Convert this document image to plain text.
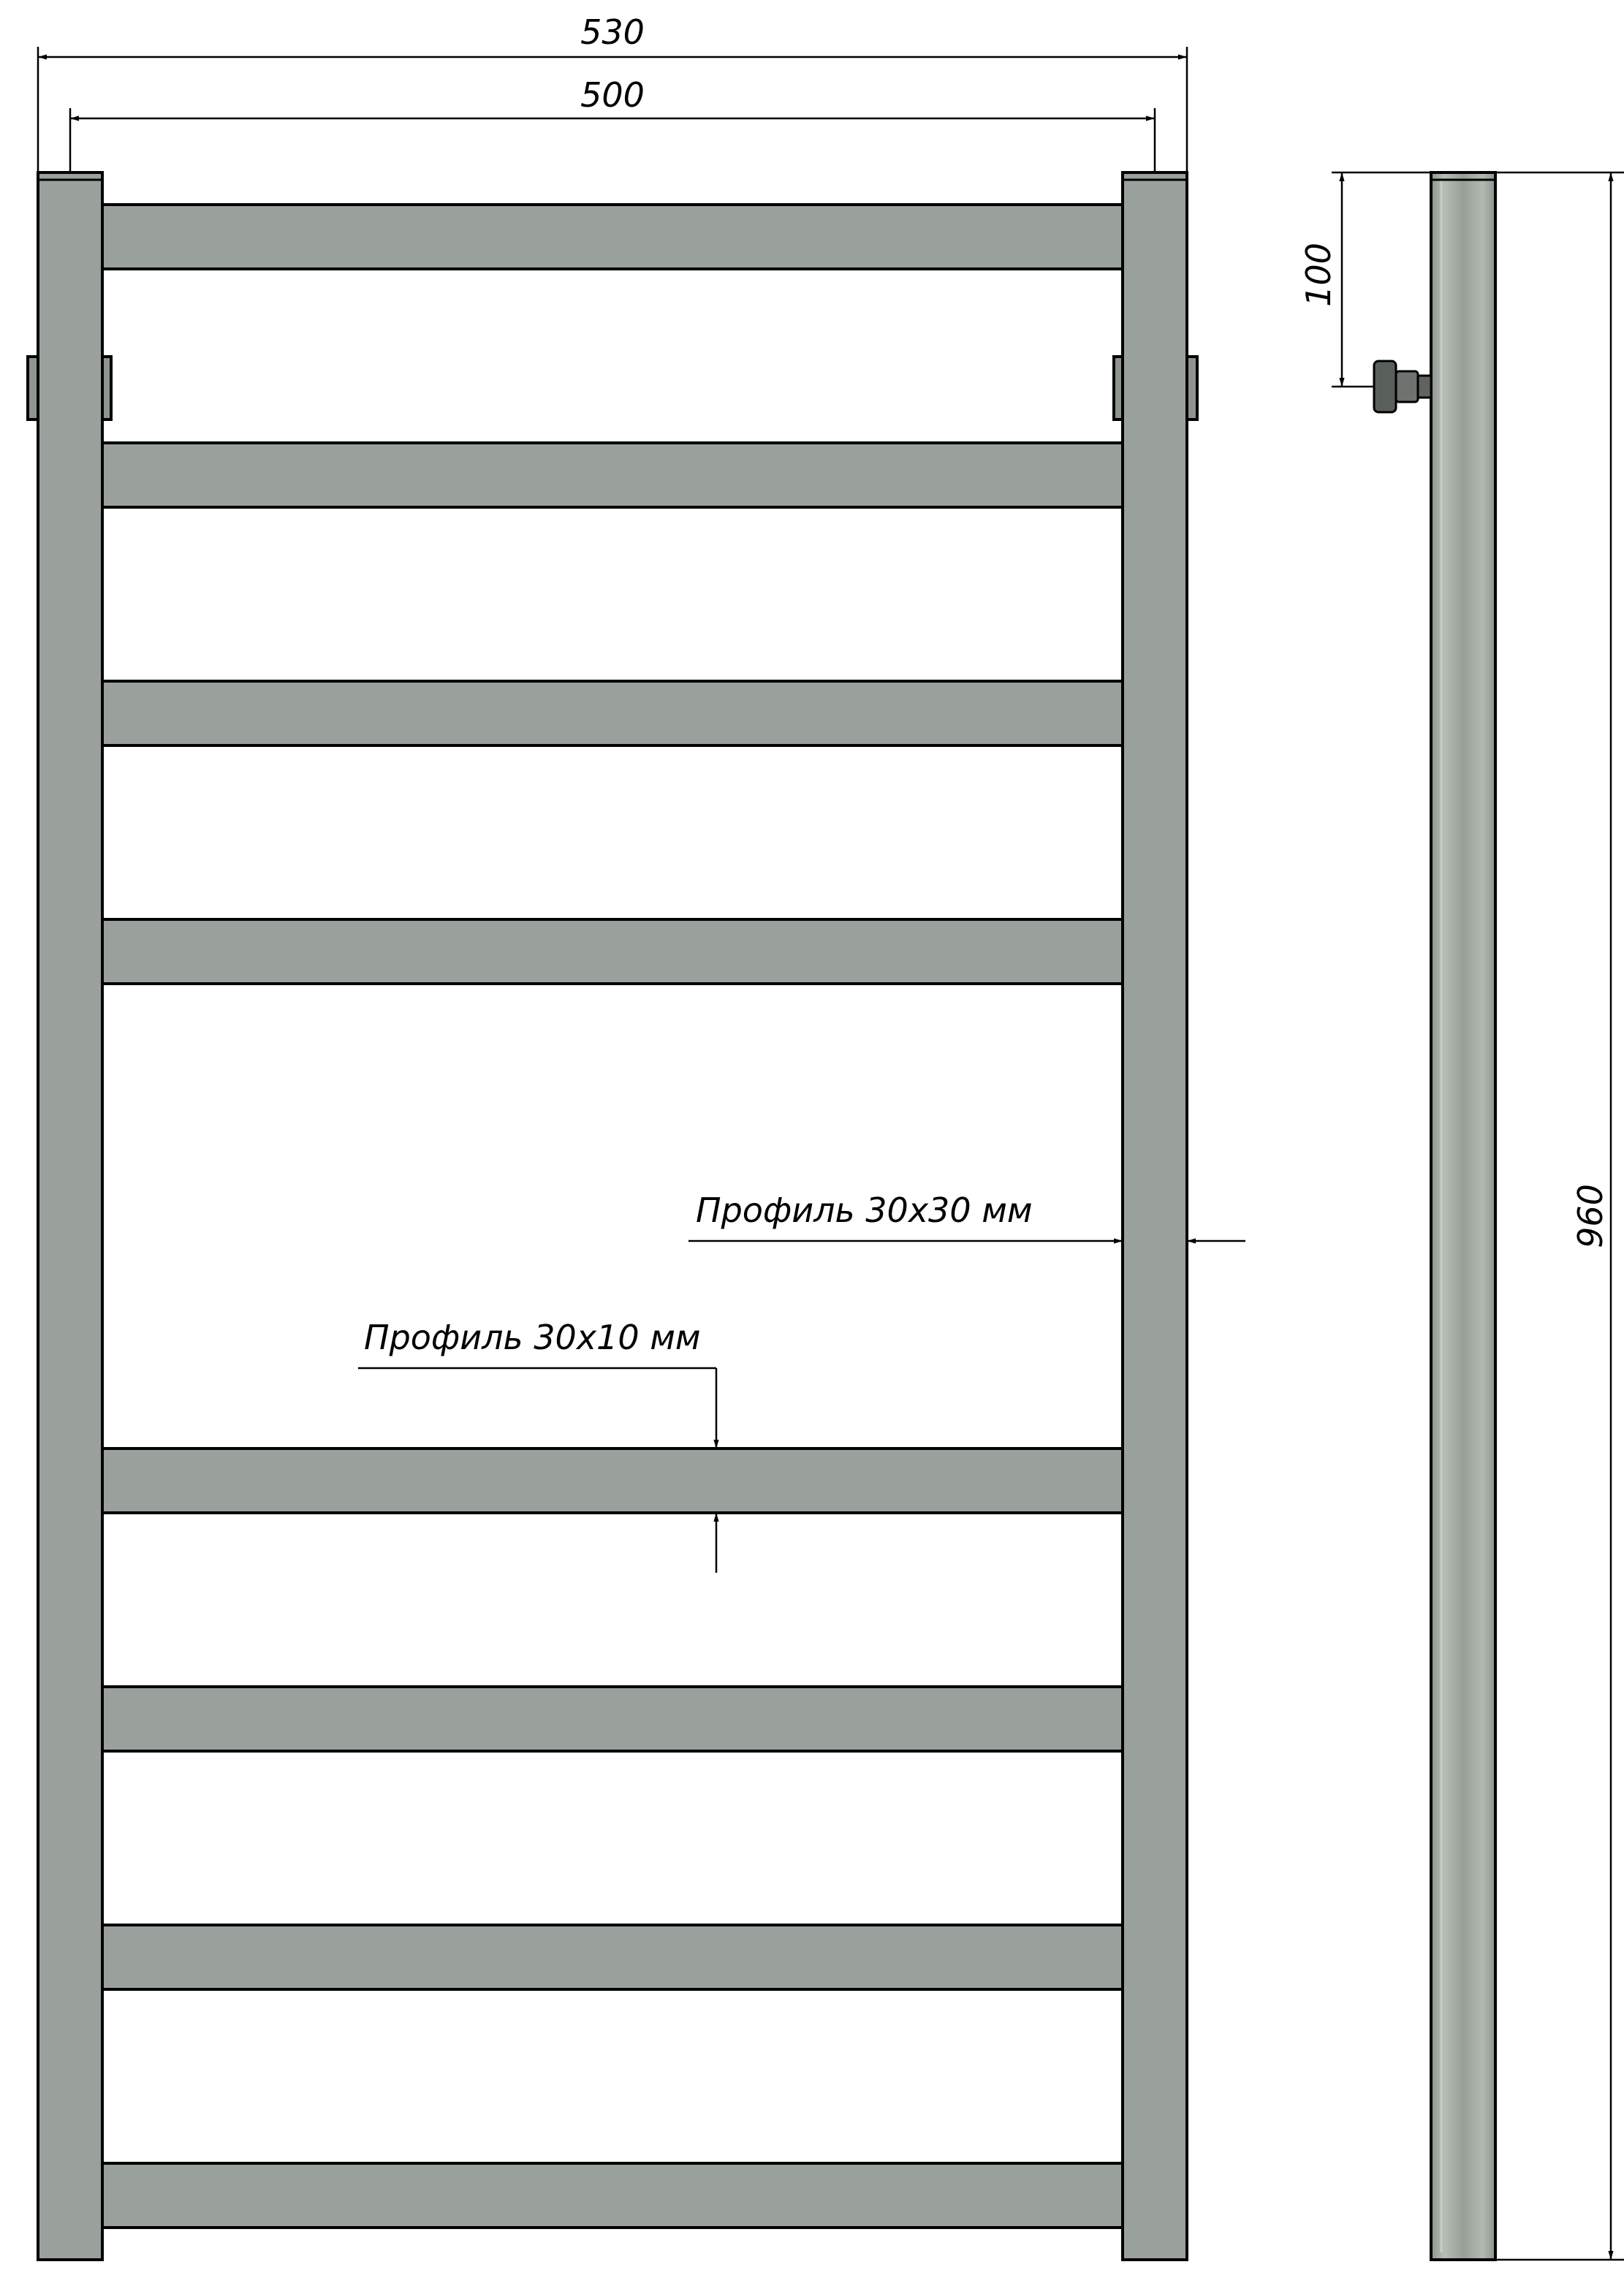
530
500
Профиль 30х30 мм
Профиль 30х10 мм
100
960
